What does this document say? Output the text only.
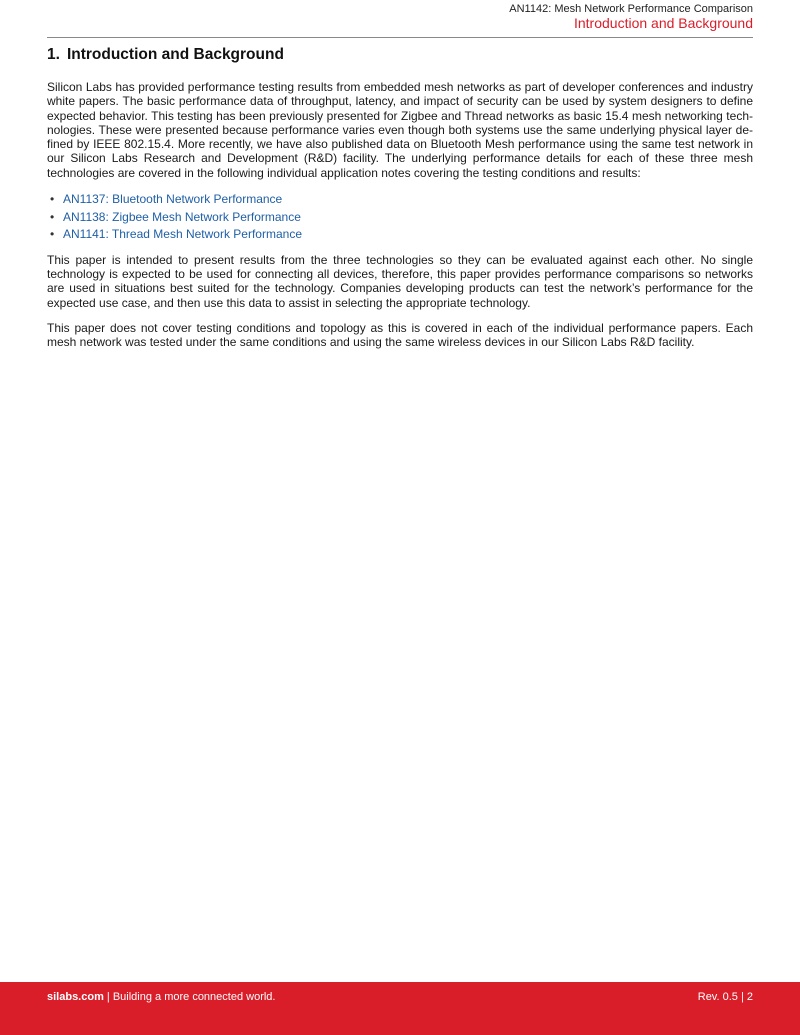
AN1142: Mesh Network Performance Comparison
Introduction and Background
1. Introduction and Background

Silicon Labs has provided performance testing results from embedded mesh networks as part of developer conferences and industry white papers. The basic performance data of throughput, latency, and impact of security can be used by system designers to define expected behavior. This testing has been previously presented for Zigbee and Thread networks as basic 15.4 mesh networking technologies. These were presented because performance varies even though both systems use the same underlying physical layer defined by IEEE 802.15.4. More recently, we have also published data on Bluetooth Mesh performance using the same test network in our Silicon Labs Research and Development (R&D) facility. The underlying performance details for each of these three mesh technologies are covered in the following individual application notes covering the testing conditions and results:

• AN1137: Bluetooth Network Performance
• AN1138: Zigbee Mesh Network Performance
• AN1141: Thread Mesh Network Performance

This paper is intended to present results from the three technologies so they can be evaluated against each other. No single technology is expected to be used for connecting all devices, therefore, this paper provides performance comparisons so networks are used in situations best suited for the technology. Companies developing products can test the network’s performance for the expected use case, and then use this data to assist in selecting the appropriate technology.

This paper does not cover testing conditions and topology as this is covered in each of the individual performance papers. Each mesh network was tested under the same conditions and using the same wireless devices in our Silicon Labs R&D facility.

silabs.com | Building a more connected world.	Rev. 0.5 | 2
